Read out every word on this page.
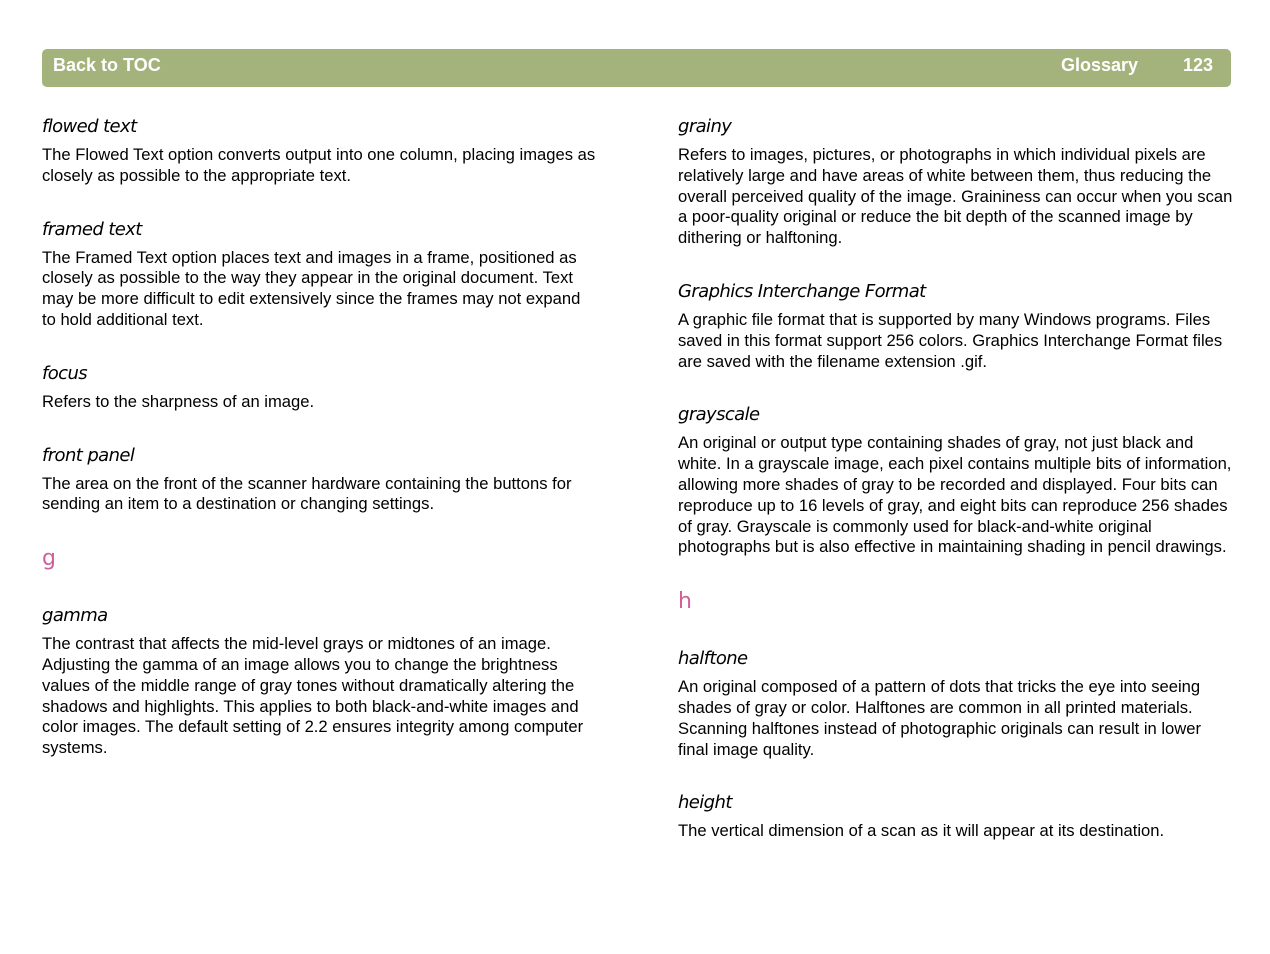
Back to TOC	Glossary 123
flowed text

The Flowed Text option converts output into one column, placing images as closely as possible to the appropriate text.

framed text

The Framed Text option places text and images in a frame, positioned as closely as possible to the way they appear in the original document. Text may be more difficult to edit extensively since the frames may not expand to hold additional text.

focus

Refers to the sharpness of an image.

front panel

The area on the front of the scanner hardware containing the buttons for sending an item to a destination or changing settings.

g
gamma

The contrast that affects the mid-level grays or midtones of an image. Adjusting the gamma of an image allows you to change the brightness values of the middle range of gray tones without dramatically altering the shadows and highlights. This applies to both black-and-white images and color images. The default setting of 2.2 ensures integrity among computer systems.

grainy

Refers to images, pictures, or photographs in which individual pixels are relatively large and have areas of white between them, thus reducing the overall perceived quality of the image. Graininess can occur when you scan a poor-quality original or reduce the bit depth of the scanned image by dithering or halftoning.

Graphics Interchange Format

A graphic file format that is supported by many Windows programs. Files saved in this format support 256 colors. Graphics Interchange Format files are saved with the filename extension .gif.

grayscale

An original or output type containing shades of gray, not just black and white. In a grayscale image, each pixel contains multiple bits of information, allowing more shades of gray to be recorded and displayed. Four bits can reproduce up to 16 levels of gray, and eight bits can reproduce 256 shades of gray. Grayscale is commonly used for black-and-white original photographs but is also effective in maintaining shading in pencil drawings.

h
halftone

An original composed of a pattern of dots that tricks the eye into seeing shades of gray or color. Halftones are common in all printed materials. Scanning halftones instead of photographic originals can result in lower final image quality.

height

The vertical dimension of a scan as it will appear at its destination.
